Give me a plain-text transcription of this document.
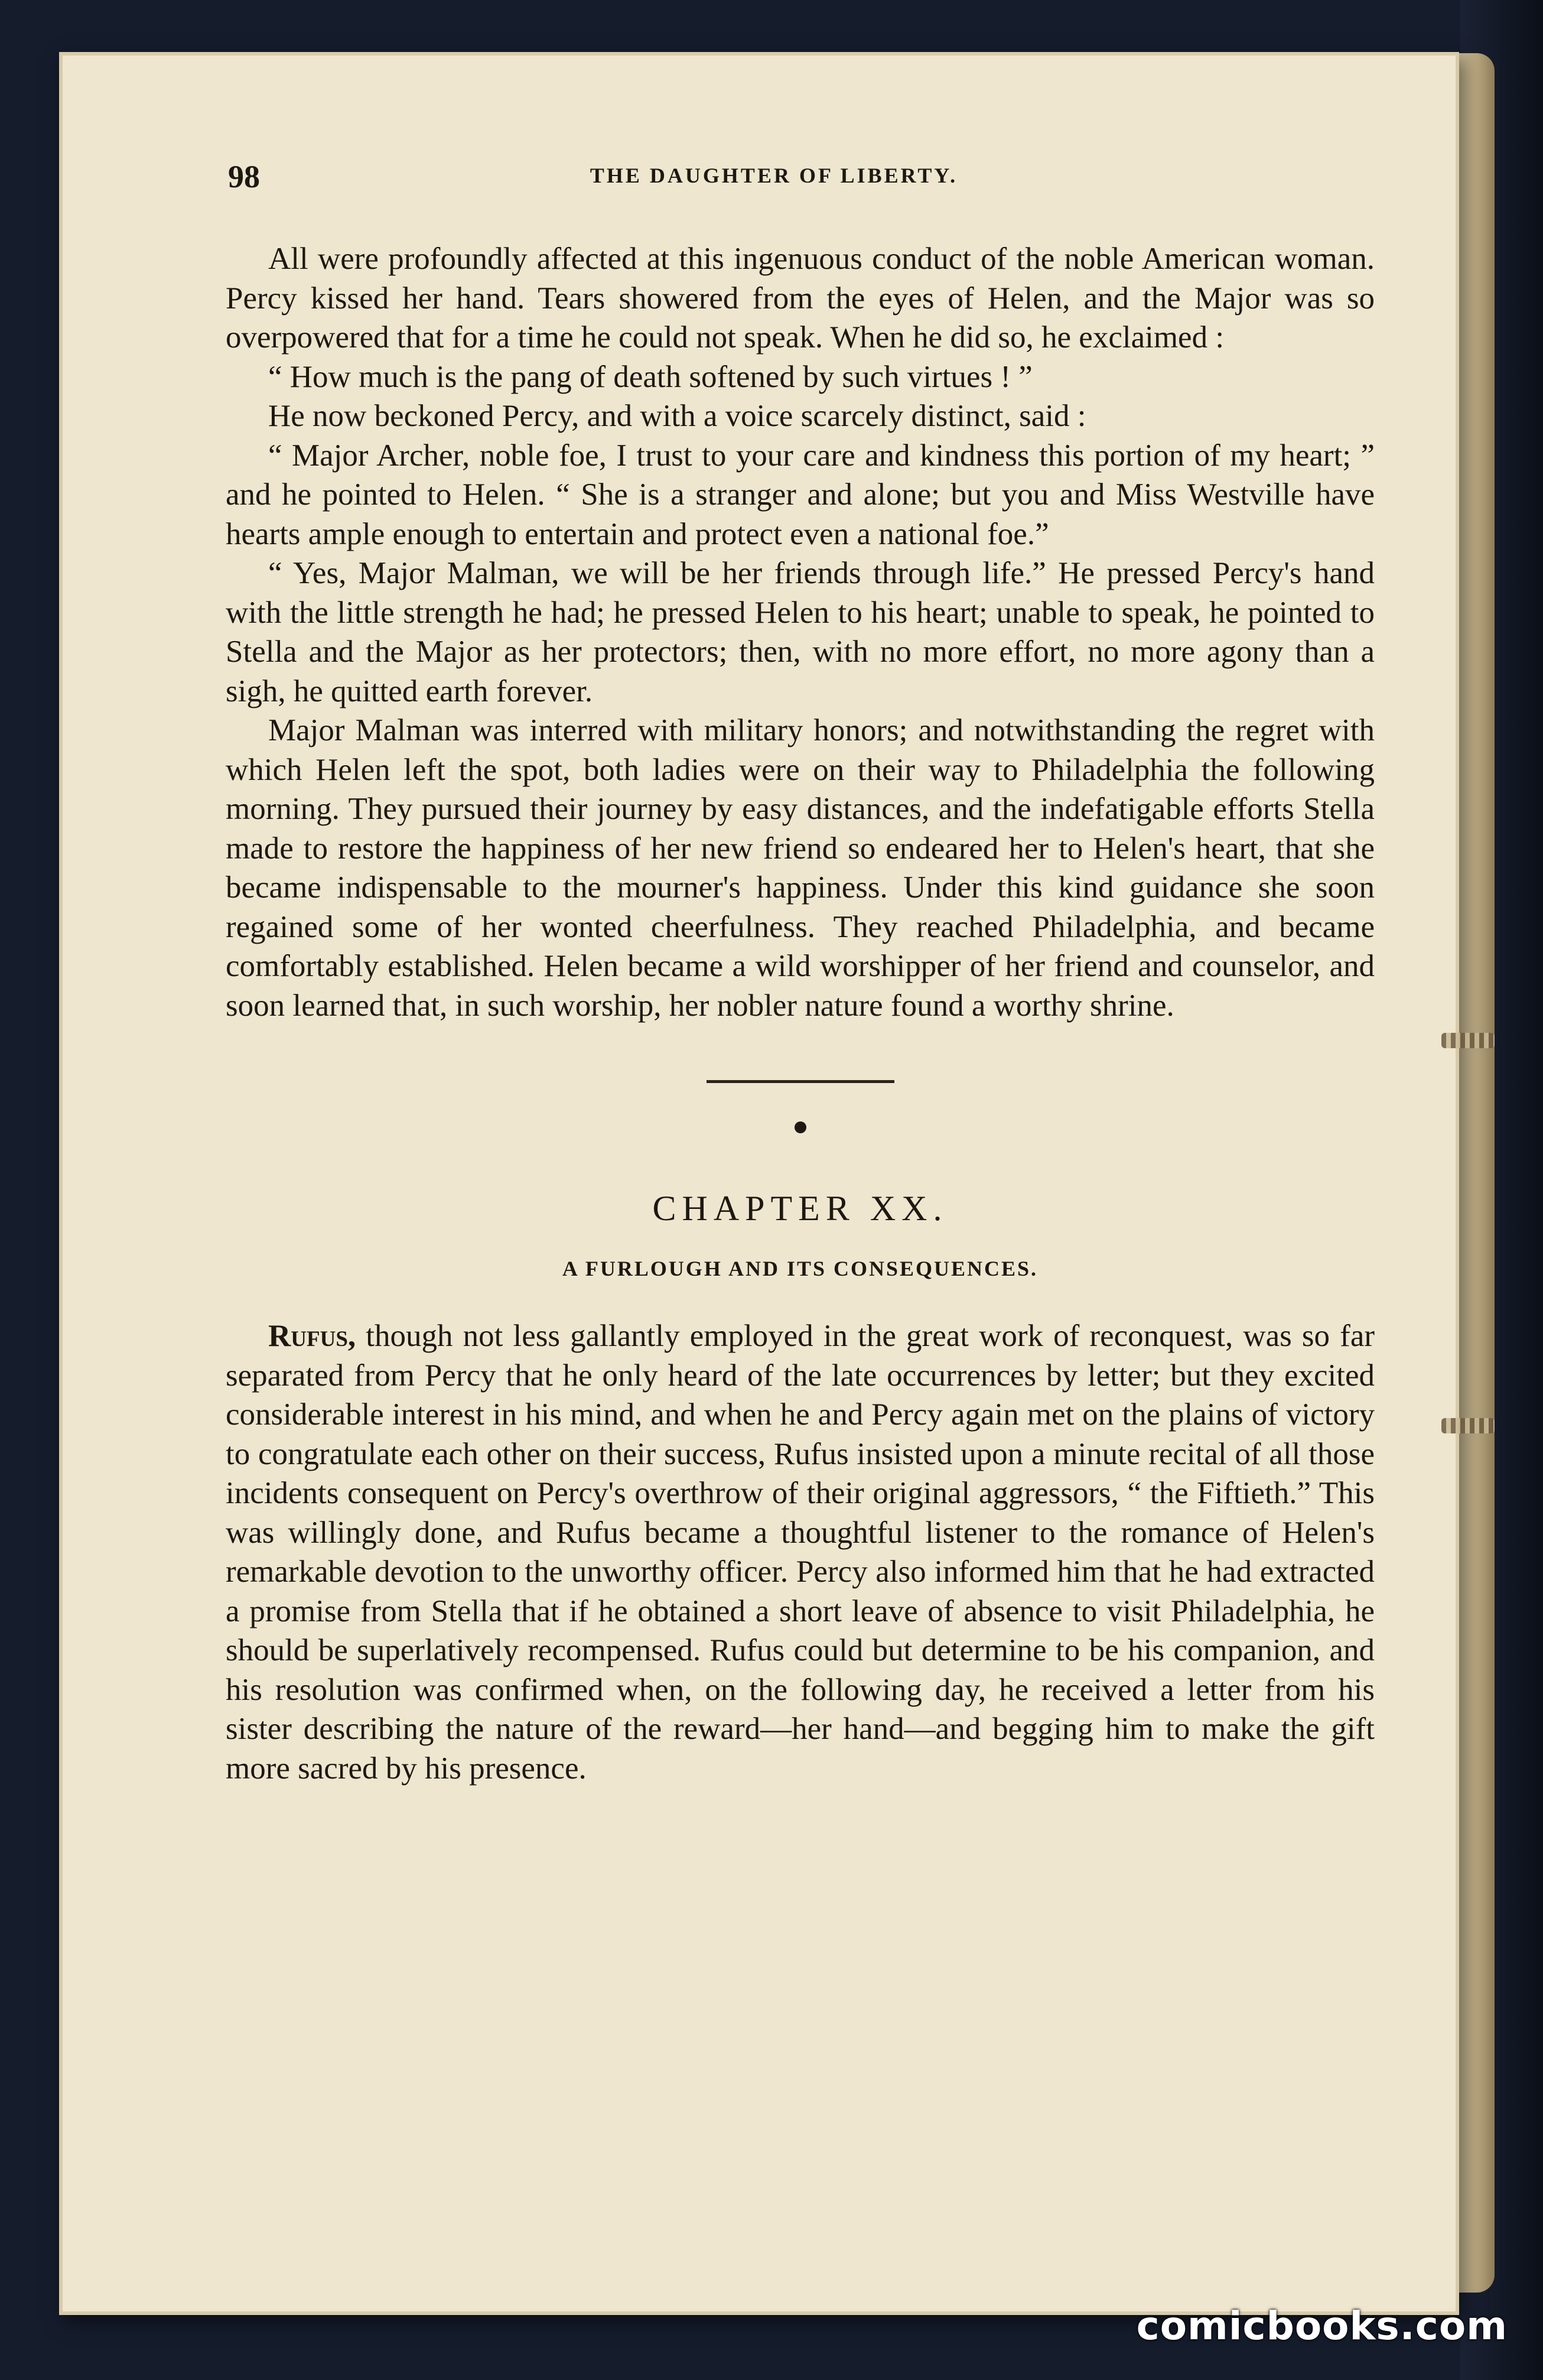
98	THE DAUGHTER OF LIBERTY.

All were profoundly affected at this ingenuous conduct of the noble American woman. Percy kissed her hand. Tears showered from the eyes of Helen, and the Major was so overpowered that for a time he could not speak. When he did so, he exclaimed :

“ How much is the pang of death softened by such virtues ! ”

He now beckoned Percy, and with a voice scarcely distinct, said :

“ Major Archer, noble foe, I trust to your care and kindness this portion of my heart; ” and he pointed to Helen. “ She is a stranger and alone; but you and Miss Westville have hearts ample enough to entertain and protect even a national foe.”

“ Yes, Major Malman, we will be her friends through life.” He pressed Percy's hand with the little strength he had; he pressed Helen to his heart; unable to speak, he pointed to Stella and the Major as her protectors; then, with no more effort, no more agony than a sigh, he quitted earth forever.

Major Malman was interred with military honors; and notwithstanding the regret with which Helen left the spot, both ladies were on their way to Philadelphia the following morning. They pursued their journey by easy distances, and the indefatigable efforts Stella made to restore the happiness of her new friend so endeared her to Helen's heart, that she became indispensable to the mourner's happiness. Under this kind guidance she soon regained some of her wonted cheerfulness. They reached Philadelphia, and became comfortably established. Helen became a wild worshipper of her friend and counselor, and soon learned that, in such worship, her nobler nature found a worthy shrine.

CHAPTER XX.
A FURLOUGH AND ITS CONSEQUENCES.

Rufus, though not less gallantly employed in the great work of reconquest, was so far separated from Percy that he only heard of the late occurrences by letter; but they excited considerable interest in his mind, and when he and Percy again met on the plains of victory to congratulate each other on their success, Rufus insisted upon a minute recital of all those incidents consequent on Percy's overthrow of their original aggressors, “ the Fiftieth.” This was willingly done, and Rufus became a thoughtful listener to the romance of Helen's remarkable devotion to the unworthy officer. Percy also informed him that he had extracted a promise from Stella that if he obtained a short leave of absence to visit Philadelphia, he should be superlatively recompensed. Rufus could but determine to be his companion, and his resolution was confirmed when, on the following day, he received a letter from his sister describing the nature of the reward—her hand—and begging him to make the gift more sacred by his presence.

comicbooks.com
